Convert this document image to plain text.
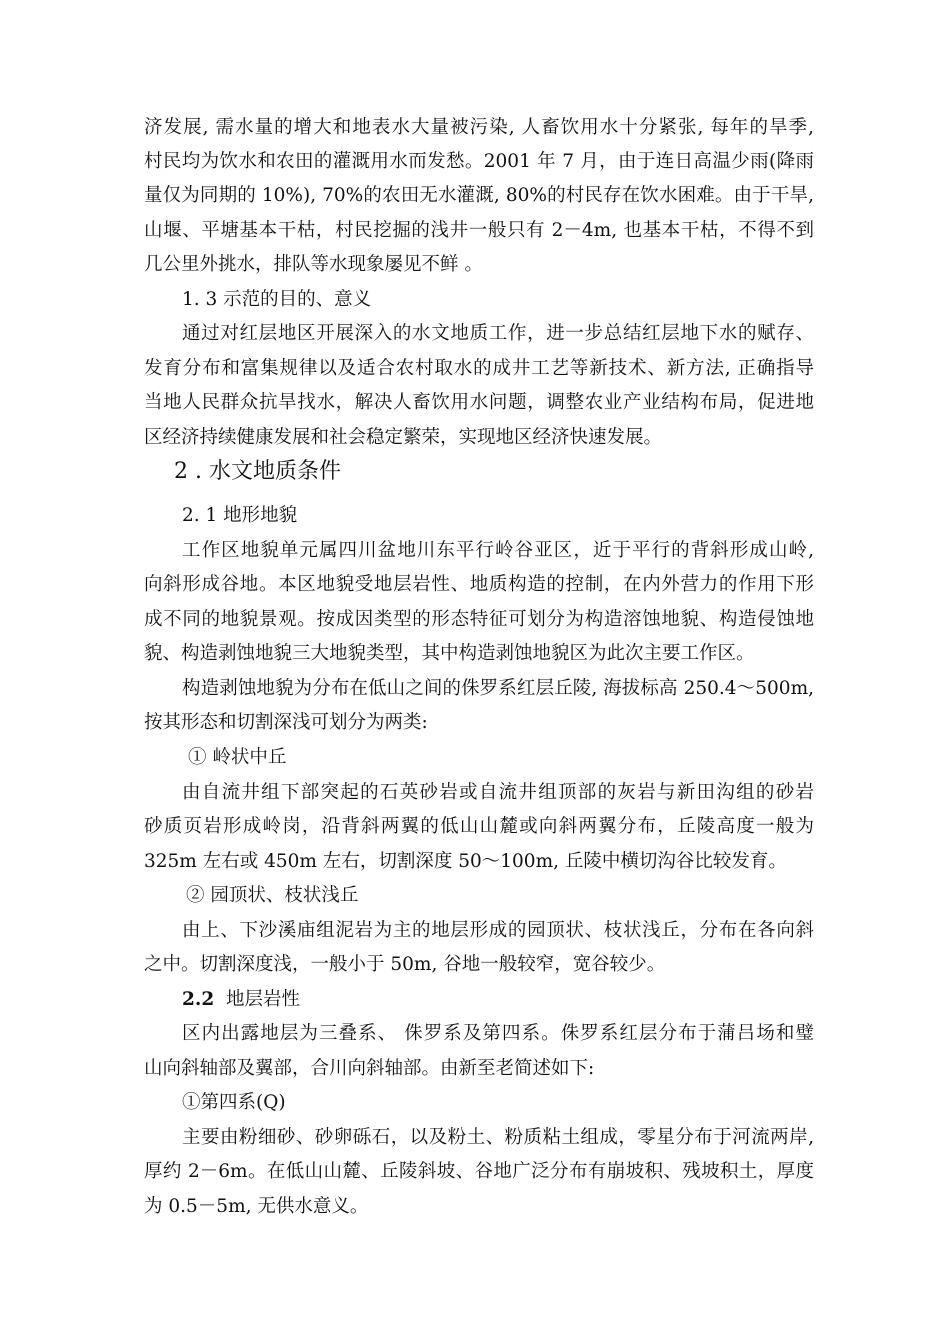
济发展, 需水量的增大和地表水大量被污染, 人畜饮用水十分紧张, 每年的旱季,
村民均为饮水和农田的灌溉用水而发愁。2001 年 7 月，由于连日高温少雨(降雨
量仅为同期的 10%), 70%的农田无水灌溉, 80%的村民存在饮水困难。由于干旱,
山堰、平塘基本干枯，村民挖掘的浅井一般只有 2－4m, 也基本干枯，不得不到
几公里外挑水，排队等水现象屡见不鲜 。
1. 3 示范的目的、意义
通过对红层地区开展深入的水文地质工作，进一步总结红层地下水的赋存、
发育分布和富集规律以及适合农村取水的成井工艺等新技术、新方法, 正确指导
当地人民群众抗旱找水，解决人畜饮用水问题，调整农业产业结构布局，促进地
区经济持续健康发展和社会稳定繁荣，实现地区经济快速发展。
2 . 水文地质条件
2. 1 地形地貌
工作区地貌单元属四川盆地川东平行岭谷亚区，近于平行的背斜形成山岭,
向斜形成谷地。本区地貌受地层岩性、地质构造的控制，在内外营力的作用下形
成不同的地貌景观。按成因类型的形态特征可划分为构造溶蚀地貌、构造侵蚀地
貌、构造剥蚀地貌三大地貌类型，其中构造剥蚀地貌区为此次主要工作区。
构造剥蚀地貌为分布在低山之间的侏罗系红层丘陵, 海拔标高 250.4～500m,
按其形态和切割深浅可划分为两类:
① 岭状中丘
由自流井组下部突起的石英砂岩或自流井组顶部的灰岩与新田沟组的砂岩
砂质页岩形成岭岗，沿背斜两翼的低山山麓或向斜两翼分布，丘陵高度一般为
325m 左右或 450m 左右，切割深度 50～100m, 丘陵中横切沟谷比较发育。
② 园顶状、枝状浅丘
由上、下沙溪庙组泥岩为主的地层形成的园顶状、枝状浅丘，分布在各向斜
之中。切割深度浅，一般小于 50m, 谷地一般较窄，宽谷较少。
2.2 地层岩性
区内出露地层为三叠系、 侏罗系及第四系。侏罗系红层分布于蒲吕场和璧
山向斜轴部及翼部，合川向斜轴部。由新至老简述如下:
①第四系(Q)
主要由粉细砂、砂卵砾石，以及粉土、粉质粘土组成，零星分布于河流两岸,
厚约 2－6m。在低山山麓、丘陵斜坡、谷地广泛分布有崩坡积、残坡积土，厚度
为 0.5－5m, 无供水意义。
